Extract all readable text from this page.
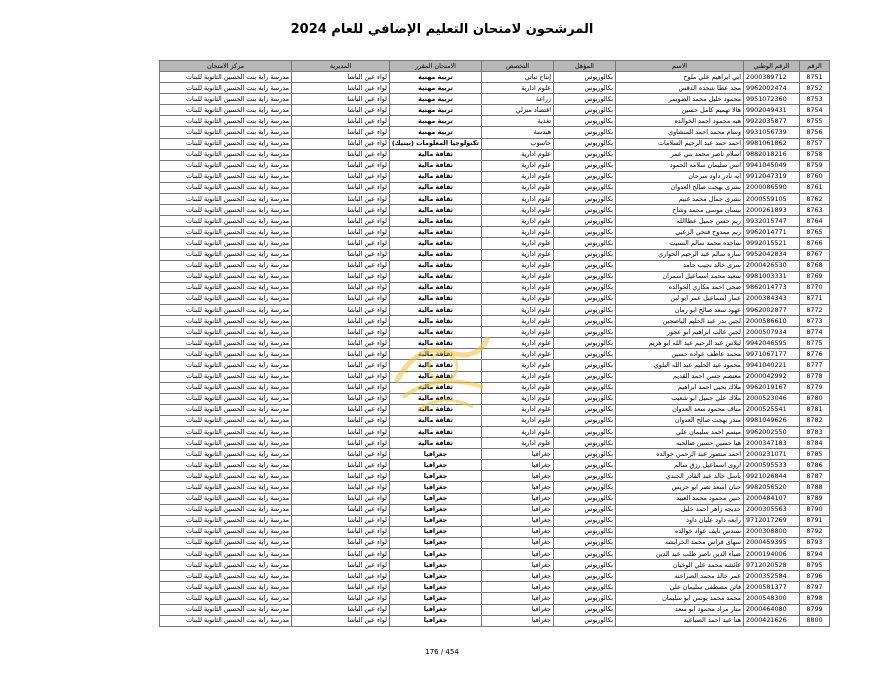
المرشحون لامتحان التعليم الإضافي للعام 2024
الرقم	الرقم الوطني	الاسم	المؤهل	التخصص	الامتحان المقرر	المديرية	مركز الامتحان
8751	2000389712	ابي ابراهيم علي ملوح	بكالوريوس	إنتاج نباتي	تربية مهنية	لواء عين الباشا	مدرسة راية بنت الحسين الثانوية للبنات
8752	9962002474	مجد عطا شحده الدقس	بكالوريوس	علوم ادارية	تربية مهنية	لواء عين الباشا	مدرسة راية بنت الحسين الثانوية للبنات
8753	9951072360	محمود خليل محمد الضويمر	بكالوريوس	زراعة	تربية مهنية	لواء عين الباشا	مدرسة راية بنت الحسين الثانوية للبنات
8754	9902049431	هالا تهميم كامل حسين	بكالوريوس	اقتصاد منزلي	تربية مهنية	لواء عين الباشا	مدرسة راية بنت الحسين الثانوية للبنات
8755	9922035877	هبه محمود احمد الخوالده	بكالوريوس	تغذية	تربية مهنية	لواء عين الباشا	مدرسة راية بنت الحسين الثانوية للبنات
8756	9931056739	وسام محمد احمد المنشاوي	بكالوريوس	هندسة	تربية مهنية	لواء عين الباشا	مدرسة راية بنت الحسين الثانوية للبنات
8757	9981061862	احمد حمد عبد الرحيم السلامات	بكالوريوس	حاسوب	تكنولوجيا المعلومات (بيتيك)	لواء عين الباشا	مدرسة راية بنت الحسين الثانوية للبنات
8758	9882018216	اسلام ناصر محمد بني عمر	بكالوريوس	علوم ادارية	ثقافة مالية	لواء عين الباشا	مدرسة راية بنت الحسين الثانوية للبنات
8759	9941045049	انس سليمان سلامه الحمود	بكالوريوس	علوم ادارية	ثقافة مالية	لواء عين الباشا	مدرسة راية بنت الحسين الثانوية للبنات
8760	9912047319	ايه نادر داود سرحان	بكالوريوس	علوم ادارية	ثقافة مالية	لواء عين الباشا	مدرسة راية بنت الحسين الثانوية للبنات
8761	2000086590	بشرى بهجت صالح العدوان	بكالوريوس	علوم ادارية	ثقافة مالية	لواء عين الباشا	مدرسة راية بنت الحسين الثانوية للبنات
8762	2000559105	بشرى جمال محمد غنيم	بكالوريوس	علوم ادارية	ثقافة مالية	لواء عين الباشا	مدرسة راية بنت الحسين الثانوية للبنات
8763	2000261893	بيسان موسى محمد وشاح	بكالوريوس	علوم ادارية	ثقافة مالية	لواء عين الباشا	مدرسة راية بنت الحسين الثانوية للبنات
8764	9932015747	ريم حسن جميل عطاالله	بكالوريوس	علوم ادارية	ثقافة مالية	لواء عين الباشا	مدرسة راية بنت الحسين الثانوية للبنات
8765	9962014771	ريم ممدوح فتحي الزعبي	بكالوريوس	علوم ادارية	ثقافة مالية	لواء عين الباشا	مدرسة راية بنت الحسين الثانوية للبنات
8766	9992015521	ساجده محمد سالم النسيت	بكالوريوس	علوم ادارية	ثقافة مالية	لواء عين الباشا	مدرسة راية بنت الحسين الثانوية للبنات
8767	9952042834	ساره سالم عبد الرحيم الحواري	بكالوريوس	علوم ادارية	ثقافة مالية	لواء عين الباشا	مدرسة راية بنت الحسين الثانوية للبنات
8768	2000426530	سرى خالد نجيب حامد	بكالوريوس	علوم ادارية	ثقافة مالية	لواء عين الباشا	مدرسة راية بنت الحسين الثانوية للبنات
8769	9981003331	سعيد محمد اسماعيل اسمران	بكالوريوس	علوم ادارية	ثقافة مالية	لواء عين الباشا	مدرسة راية بنت الحسين الثانوية للبنات
8770	9862014773	ضحى احمد مكازي الخوالده	بكالوريوس	علوم ادارية	ثقافة مالية	لواء عين الباشا	مدرسة راية بنت الحسين الثانوية للبنات
8771	2000384343	عمار اسماعيل عمر ابو لبن	بكالوريوس	علوم ادارية	ثقافة مالية	لواء عين الباشا	مدرسة راية بنت الحسين الثانوية للبنات
8772	9962002877	عهود سعد صالح ابو رمان	بكالوريوس	علوم ادارية	ثقافة مالية	لواء عين الباشا	مدرسة راية بنت الحسين الثانوية للبنات
8773	2000586610	لجين بدر عبد الحليم الياصجين	بكالوريوس	علوم ادارية	ثقافة مالية	لواء عين الباشا	مدرسة راية بنت الحسين الثانوية للبنات
8774	2000507934	لجين غالب ابراهيم ابو عجور	بكالوريوس	علوم ادارية	ثقافة مالية	لواء عين الباشا	مدرسة راية بنت الحسين الثانوية للبنات
8775	9942046595	لبلاس عبد الرحيم عبد الله ابو هزيم	بكالوريوس	علوم ادارية	ثقافة مالية	لواء عين الباشا	مدرسة راية بنت الحسين الثانوية للبنات
8776	9971067177	محمد عاطف عواده حسين	بكالوريوس	علوم ادارية	ثقافة مالية	لواء عين الباشا	مدرسة راية بنت الحسين الثانوية للبنات
8777	9941040221	محمود عبد الحليم عبد الله البلوي	بكالوريوس	علوم ادارية	ثقافة مالية	لواء عين الباشا	مدرسة راية بنت الحسين الثانوية للبنات
8778	2000042992	معتصم حسن احمد القديم	بكالوريوس	علوم ادارية	ثقافة مالية	لواء عين الباشا	مدرسة راية بنت الحسين الثانوية للبنات
8779	9962019167	ملاك يحيى احمد ابراهيم	بكالوريوس	علوم ادارية	ثقافة مالية	لواء عين الباشا	مدرسة راية بنت الحسين الثانوية للبنات
8780	2000523046	ملاك علي جميل ابو شعيب	بكالوريوس	علوم ادارية	ثقافة مالية	لواء عين الباشا	مدرسة راية بنت الحسين الثانوية للبنات
8781	2000525541	مناف محمود سعد العدوان	بكالوريوس	علوم ادارية	ثقافة مالية	لواء عين الباشا	مدرسة راية بنت الحسين الثانوية للبنات
8782	9981049626	منذر بهجت صالح العدوان	بكالوريوس	علوم ادارية	ثقافة مالية	لواء عين الباشا	مدرسة راية بنت الحسين الثانوية للبنات
8783	9962002550	ميسم احمد سليمان علي	بكالوريوس	علوم ادارية	ثقافة مالية	لواء عين الباشا	مدرسة راية بنت الحسين الثانوية للبنات
8784	2000347183	هيا حسين حسين صالحيه	بكالوريوس	علوم ادارية	ثقافة مالية	لواء عين الباشا	مدرسة راية بنت الحسين الثانوية للبنات
8785	2000231071	احمد منصور عبد الرحمن خوالده	بكالوريوس	جغرافيا	جغرافيا	لواء عين الباشا	مدرسة راية بنت الحسين الثانوية للبنات
8786	2000595533	اروى اسماعيل رزق سالم	بكالوريوس	جغرافيا	جغرافيا	لواء عين الباشا	مدرسة راية بنت الحسين الثانوية للبنات
8787	9921026844	باسل خالد عبد القادر الجندي	بكالوريوس	جغرافيا	جغرافيا	لواء عين الباشا	مدرسة راية بنت الحسين الثانوية للبنات
8788	9982056520	حنان اسعد نصر ابو جريس	بكالوريوس	جغرافيا	جغرافيا	لواء عين الباشا	مدرسة راية بنت الحسين الثانوية للبنات
8789	2000484107	حنين محمود محمد العبيد	بكالوريوس	جغرافيا	جغرافيا	لواء عين الباشا	مدرسة راية بنت الحسين الثانوية للبنات
8790	2000305563	خديجه زاهر احمد خليل	بكالوريوس	جغرافيا	جغرافيا	لواء عين الباشا	مدرسة راية بنت الحسين الثانوية للبنات
8791	9712017269	رابعه داود عليان داود	بكالوريوس	جغرافيا	جغرافيا	لواء عين الباشا	مدرسة راية بنت الحسين الثانوية للبنات
8792	2000308800	سندس نايف عواد خوالده	بكالوريوس	جغرافيا	جغرافيا	لواء عين الباشا	مدرسة راية بنت الحسين الثانوية للبنات
8793	2000459395	سهاى فراس محمد الخرابشه	بكالوريوس	جغرافيا	جغرافيا	لواء عين الباشا	مدرسة راية بنت الحسين الثانوية للبنات
8794	2000194006	ضياء الدين ناصر طلب عبد الدين	بكالوريوس	جغرافيا	جغرافيا	لواء عين الباشا	مدرسة راية بنت الحسين الثانوية للبنات
8795	9712020528	عائشه محمد علي الوخيان	بكالوريوس	جغرافيا	جغرافيا	لواء عين الباشا	مدرسة راية بنت الحسين الثانوية للبنات
8796	2000352584	عمر خالد محمد الصراخنه	بكالوريوس	جغرافيا	جغرافيا	لواء عين الباشا	مدرسة راية بنت الحسين الثانوية للبنات
8797	2000581377	فاتن مصطفى سليمان علي	بكالوريوس	جغرافيا	جغرافيا	لواء عين الباشا	مدرسة راية بنت الحسين الثانوية للبنات
8798	2000548300	محمد محمد يونس ابو سليمان	بكالوريوس	جغرافيا	جغرافيا	لواء عين الباشا	مدرسة راية بنت الحسين الثانوية للبنات
8799	2000464080	منار مراد محمود ابو سعد	بكالوريوس	جغرافيا	جغرافيا	لواء عين الباشا	مدرسة راية بنت الحسين الثانوية للبنات
8800	2000421626	هنا عيد احمد الصباعيد	بكالوريوس	جغرافيا	جغرافيا	لواء عين الباشا	مدرسة راية بنت الحسين الثانوية للبنات
176 / 454
